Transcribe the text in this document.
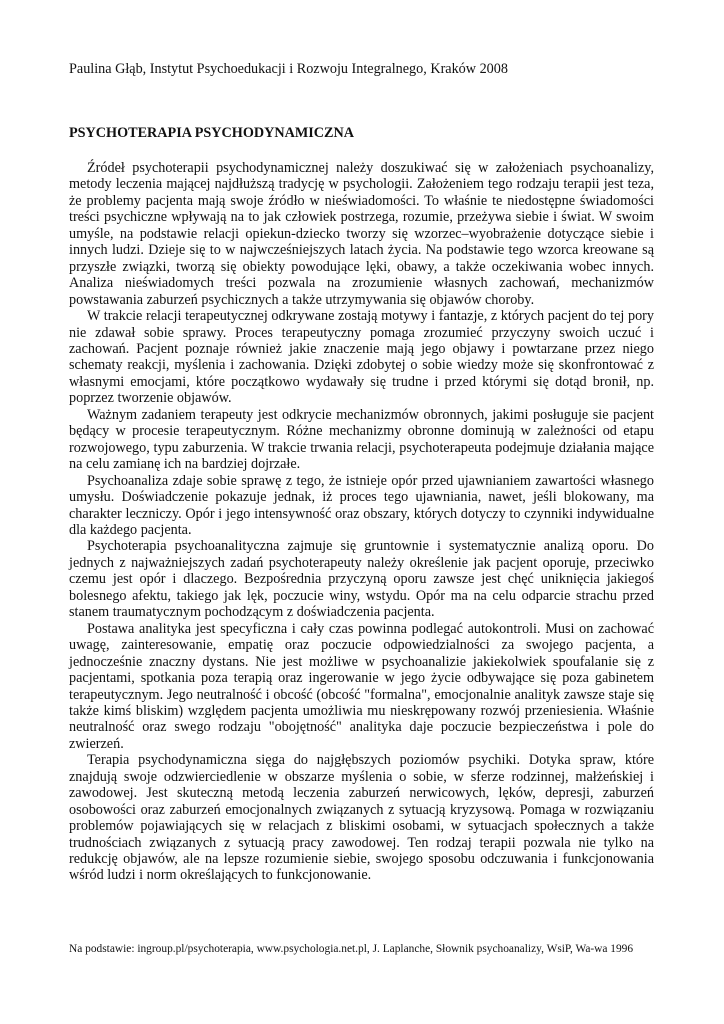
Paulina Głąb, Instytut Psychoedukacji i Rozwoju Integralnego, Kraków 2008
PSYCHOTERAPIA PSYCHODYNAMICZNA

Źródeł psychoterapii psychodynamicznej należy doszukiwać się w założeniach psychoanalizy, metody leczenia mającej najdłuższą tradycję w psychologii. Założeniem tego rodzaju terapii jest teza, że problemy pacjenta mają swoje źródło w nieświadomości. To właśnie te niedostępne świadomości treści psychiczne wpływają na to jak człowiek postrzega, rozumie, przeżywa siebie i świat. W swoim umyśle, na podstawie relacji opiekun-dziecko tworzy się wzorzec–wyobrażenie dotyczące siebie i innych ludzi. Dzieje się to w najwcześniejszych latach życia. Na podstawie tego wzorca kreowane są przyszłe związki, tworzą się obiekty powodujące lęki, obawy, a także oczekiwania wobec innych. Analiza nieświadomych treści pozwala na zrozumienie własnych zachowań, mechanizmów powstawania zaburzeń psychicznych a także utrzymywania się objawów choroby.

W trakcie relacji terapeutycznej odkrywane zostają motywy i fantazje, z których pacjent do tej pory nie zdawał sobie sprawy. Proces terapeutyczny pomaga zrozumieć przyczyny swoich uczuć i zachowań. Pacjent poznaje również jakie znaczenie mają jego objawy i powtarzane przez niego schematy reakcji, myślenia i zachowania. Dzięki zdobytej o sobie wiedzy może się skonfrontować z własnymi emocjami, które początkowo wydawały się trudne i przed którymi się dotąd bronił, np. poprzez tworzenie objawów.

Ważnym zadaniem terapeuty jest odkrycie mechanizmów obronnych, jakimi posługuje sie pacjent będący w procesie terapeutycznym. Różne mechanizmy obronne dominują w zależności od etapu rozwojowego, typu zaburzenia. W trakcie trwania relacji, psychoterapeuta podejmuje działania mające na celu zamianę ich na bardziej dojrzałe.

Psychoanaliza zdaje sobie sprawę z tego, że istnieje opór przed ujawnianiem zawartości własnego umysłu. Doświadczenie pokazuje jednak, iż proces tego ujawniania, nawet, jeśli blokowany, ma charakter leczniczy. Opór i jego intensywność oraz obszary, których dotyczy to czynniki indywidualne dla każdego pacjenta.

Psychoterapia psychoanalityczna zajmuje się gruntownie i systematycznie analizą oporu. Do jednych z najważniejszych zadań psychoterapeuty należy określenie jak pacjent oporuje, przeciwko czemu jest opór i dlaczego. Bezpośrednia przyczyną oporu zawsze jest chęć uniknięcia jakiegoś bolesnego afektu, takiego jak lęk, poczucie winy, wstydu. Opór ma na celu odparcie strachu przed stanem traumatycznym pochodzącym z doświadczenia pacjenta.

Postawa analityka jest specyficzna i cały czas powinna podlegać autokontroli. Musi on zachować uwagę, zainteresowanie, empatię oraz poczucie odpowiedzialności za swojego pacjenta, a jednocześnie znaczny dystans. Nie jest możliwe w psychoanalizie jakiekolwiek spoufalanie się z pacjentami, spotkania poza terapią oraz ingerowanie w jego życie odbywające się poza gabinetem terapeutycznym. Jego neutralność i obcość (obcość "formalna", emocjonalnie analityk zawsze staje się także kimś bliskim) względem pacjenta umożliwia mu nieskrępowany rozwój przeniesienia. Właśnie neutralność oraz swego rodzaju "obojętność" analityka daje poczucie bezpieczeństwa i pole do zwierzeń.

Terapia psychodynamiczna sięga do najgłębszych poziomów psychiki. Dotyka spraw, które znajdują swoje odzwierciedlenie w obszarze myślenia o sobie, w sferze rodzinnej, małżeńskiej i zawodowej. Jest skuteczną metodą leczenia zaburzeń nerwicowych, lęków, depresji, zaburzeń osobowości oraz zaburzeń emocjonalnych związanych z sytuacją kryzysową. Pomaga w rozwiązaniu problemów pojawiających się w relacjach z bliskimi osobami, w sytuacjach społecznych a także trudnościach związanych z sytuacją pracy zawodowej. Ten rodzaj terapii pozwala nie tylko na redukcję objawów, ale na lepsze rozumienie siebie, swojego sposobu odczuwania i funkcjonowania wśród ludzi i norm określających to funkcjonowanie.

Na podstawie: ingroup.pl/psychoterapia, www.psychologia.net.pl, J. Laplanche, Słownik psychoanalizy, WsiP, Wa-wa 1996
